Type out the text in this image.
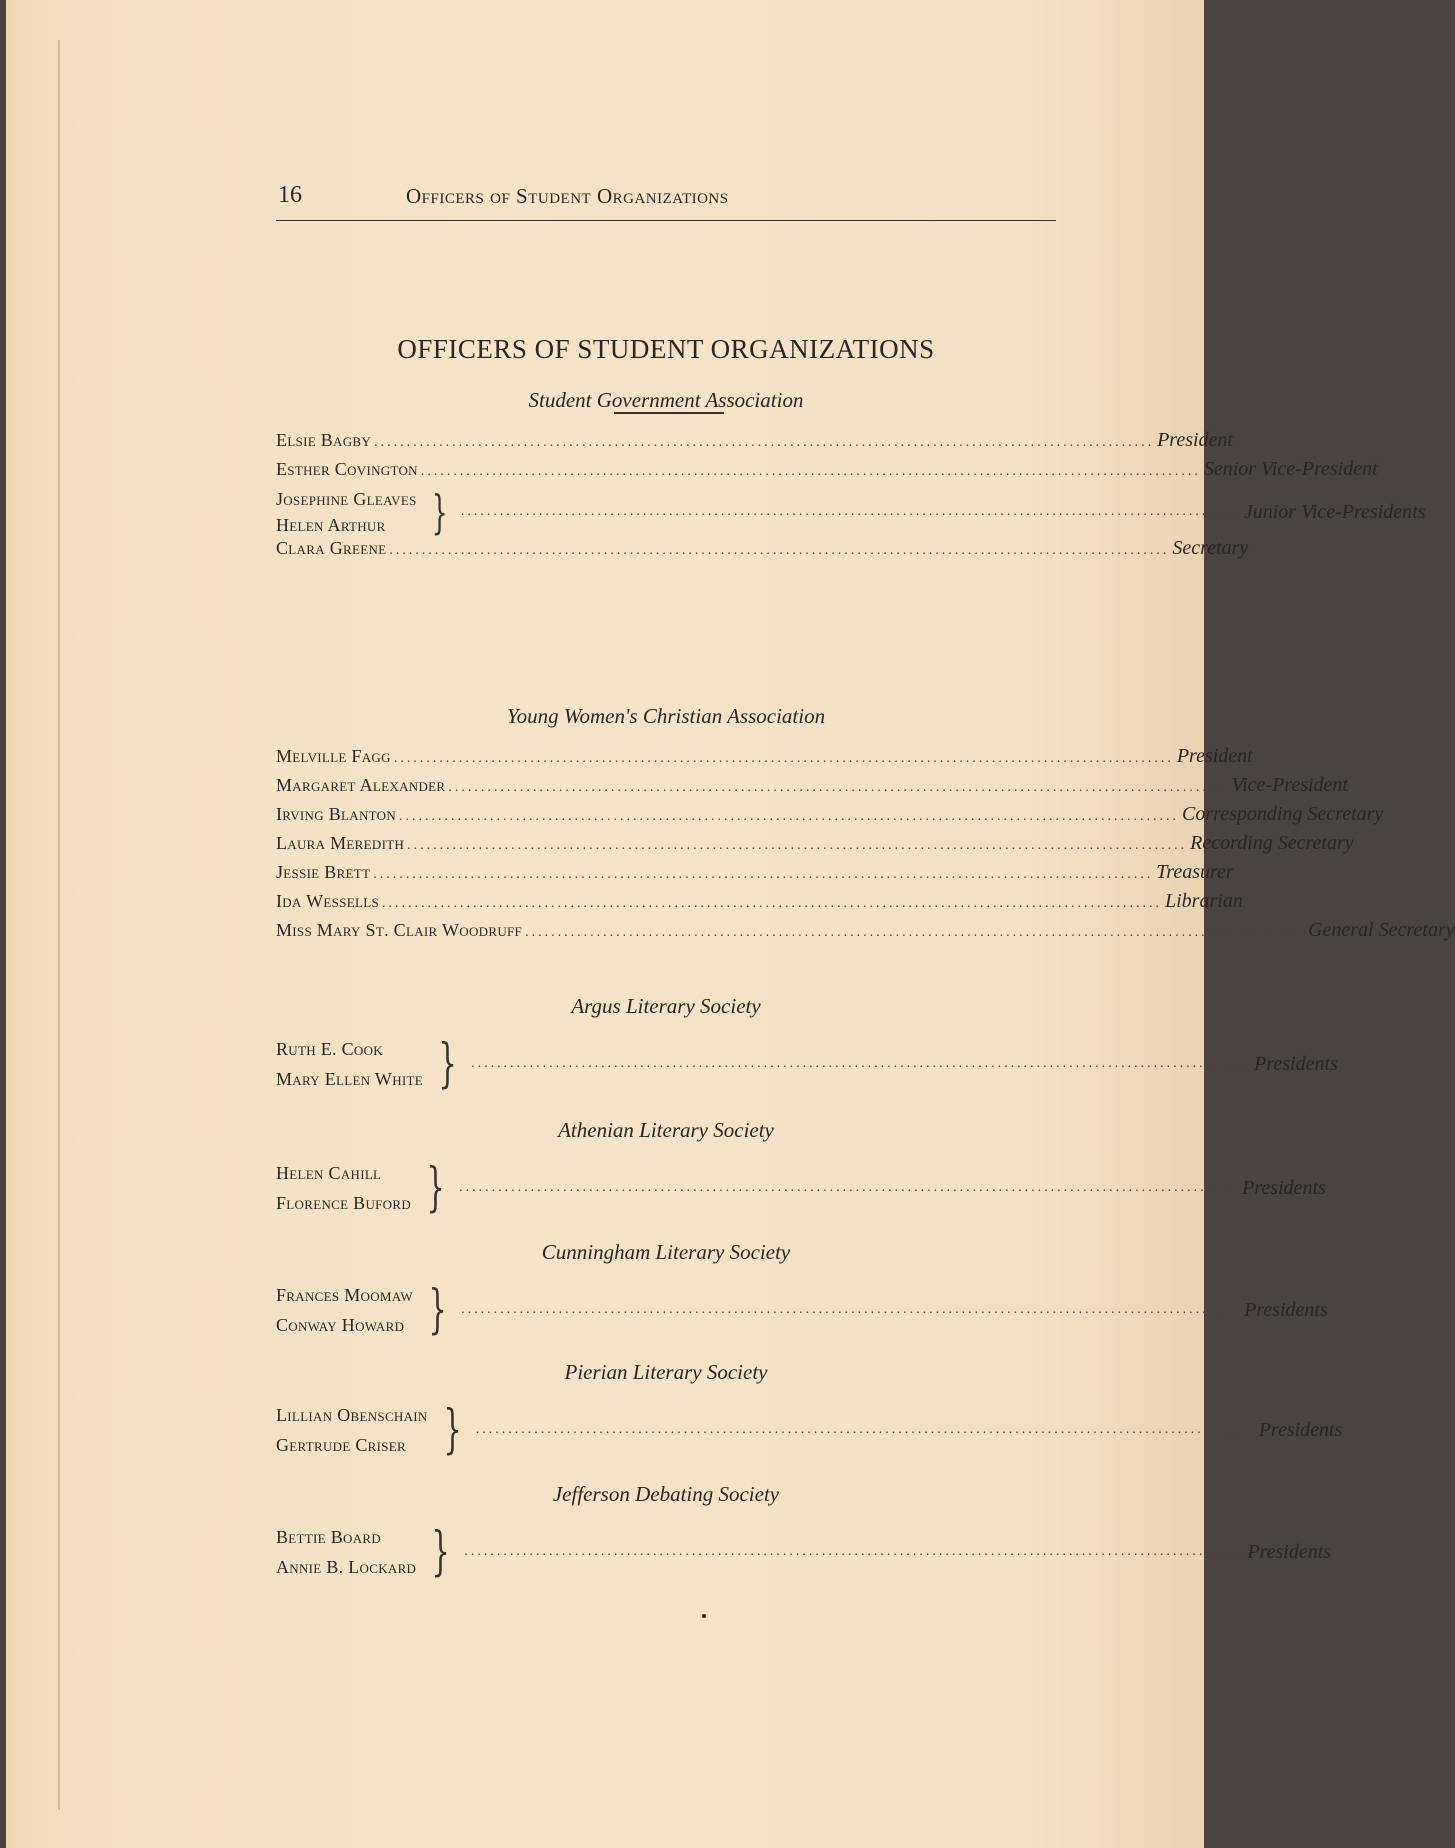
16	Officers of Student Organizations
OFFICERS OF STUDENT ORGANIZATIONS
Student Government Association
Elsie Bagby ........................................................................................................................ President
Esther Covington ........................................................................................................................ Senior Vice-President
Josephine Gleaves
Helen Arthur } ........................................................................................................................ Junior Vice-Presidents
Clara Greene ........................................................................................................................ Secretary
Young Women's Christian Association
Melville Fagg ........................................................................................................................ President
Margaret Alexander ........................................................................................................................ Vice-President
Irving Blanton ........................................................................................................................ Corresponding Secretary
Laura Meredith ........................................................................................................................ Recording Secretary
Jessie Brett ........................................................................................................................ Treasurer
Ida Wessells ........................................................................................................................ Librarian
Miss Mary St. Clair Woodruff ........................................................................................................................ General Secretary
Argus Literary Society
Ruth E. Cook
Mary Ellen White } ........................................................................................................................ Presidents
Athenian Literary Society
Helen Cahill
Florence Buford } ........................................................................................................................ Presidents
Cunningham Literary Society
Frances Moomaw
Conway Howard } ........................................................................................................................ Presidents
Pierian Literary Society
Lillian Obenschain
Gertrude Criser } ........................................................................................................................ Presidents
Jefferson Debating Society
Bettie Board
Annie B. Lockard } ........................................................................................................................ Presidents
